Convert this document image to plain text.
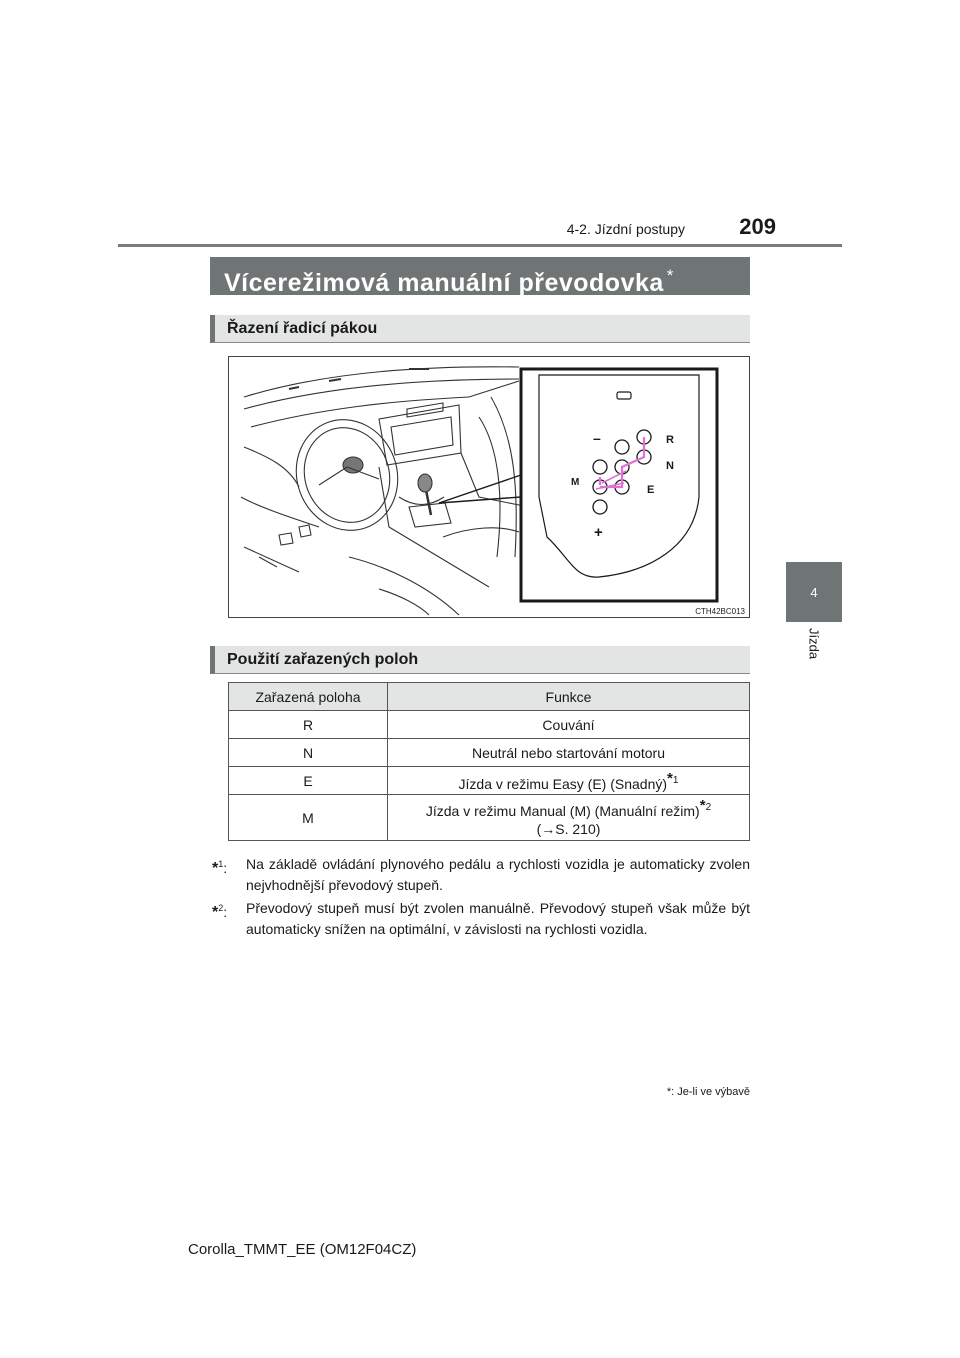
4-2. Jízdní postupy	209
4
Jízda
Vícerežimová manuální převodovka *
Řazení řadicí pákou
–	R
N
M
E
+
CTH42BC013
Použití zařazených poloh
Zařazená poloha	Funkce
R	Couvání
N	Neutrál nebo startování motoru
E	Jízda v režimu Easy (E) (Snadný)$^{*1}$
M	Jízda v režimu Manual (M) (Manuální režim)$^{*2}$
(→S. 210)
*$^1$: Na základě ovládání plynového pedálu a rychlosti vozidla je automaticky zvolen nejvhodnější převodový stupeň.
*$^2$: Převodový stupeň musí být zvolen manuálně. Převodový stupeň však může být automaticky snížen na optimální, v závislosti na rychlosti vozidla.
*: Je-li ve výbavě
Corolla_TMMT_EE (OM12F04CZ)
